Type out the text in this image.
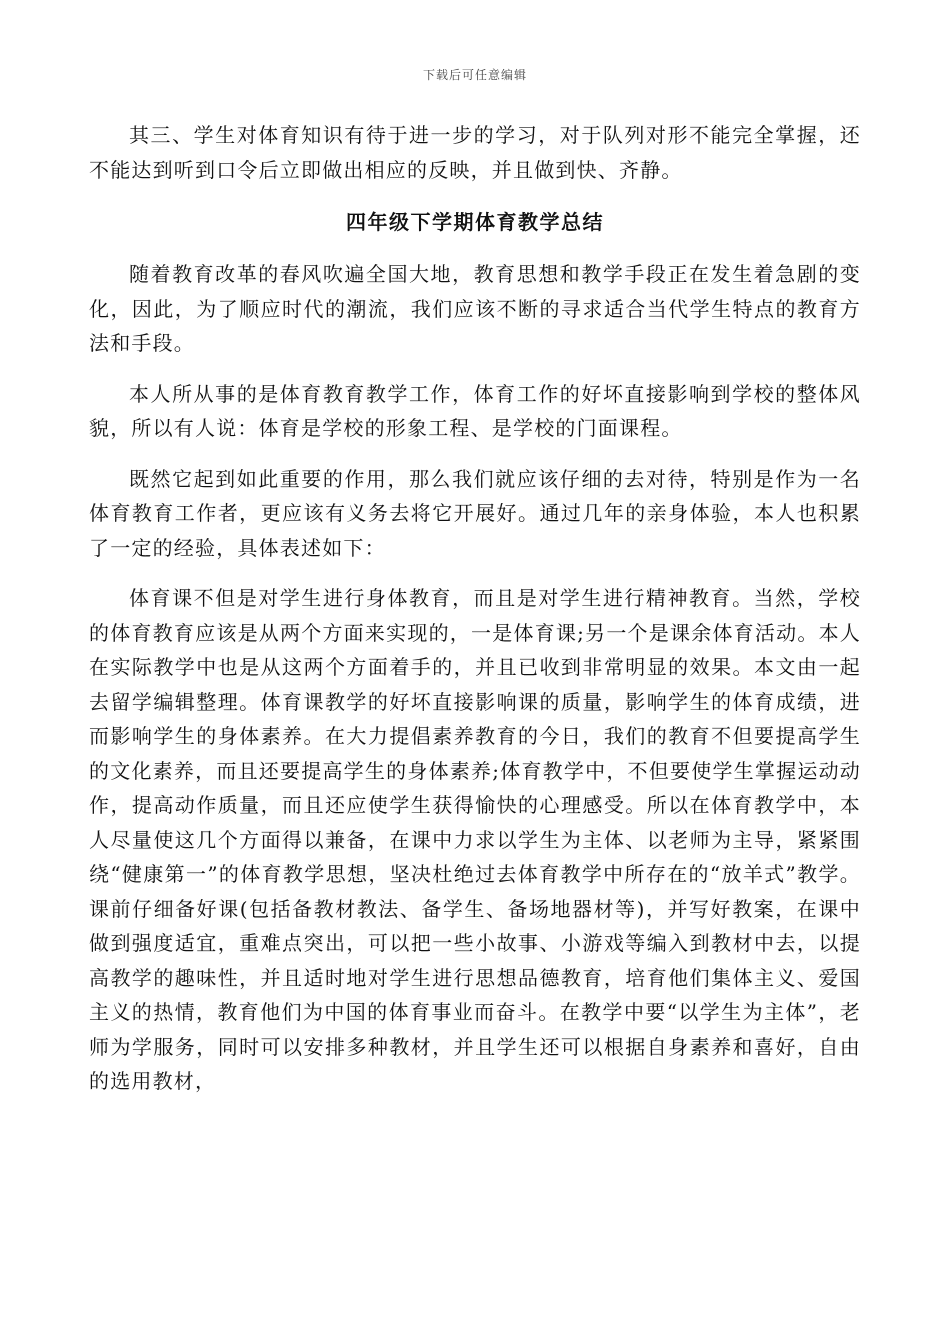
下载后可任意编辑

其三、学生对体育知识有待于进一步的学习，对于队列对形不能完全掌握，还不能达到听到口令后立即做出相应的反映，并且做到快、齐静。

四年级下学期体育教学总结

随着教育改革的春风吹遍全国大地，教育思想和教学手段正在发生着急剧的变化，因此，为了顺应时代的潮流，我们应该不断的寻求适合当代学生特点的教育方法和手段。

本人所从事的是体育教育教学工作，体育工作的好坏直接影响到学校的整体风貌，所以有人说：体育是学校的形象工程、是学校的门面课程。

既然它起到如此重要的作用，那么我们就应该仔细的去对待，特别是作为一名体育教育工作者，更应该有义务去将它开展好。通过几年的亲身体验，本人也积累了一定的经验，具体表述如下：

体育课不但是对学生进行身体教育，而且是对学生进行精神教育。当然，学校的体育教育应该是从两个方面来实现的，一是体育课;另一个是课余体育活动。本人在实际教学中也是从这两个方面着手的，并且已收到非常明显的效果。本文由一起去留学编辑整理。体育课教学的好坏直接影响课的质量，影响学生的体育成绩，进而影响学生的身体素养。在大力提倡素养教育的今日，我们的教育不但要提高学生的文化素养，而且还要提高学生的身体素养;体育教学中，不但要使学生掌握运动动作，提高动作质量，而且还应使学生获得愉快的心理感受。所以在体育教学中，本人尽量使这几个方面得以兼备，在课中力求以学生为主体、以老师为主导，紧紧围绕“健康第一”的体育教学思想，坚决杜绝过去体育教学中所存在的“放羊式”教学。课前仔细备好课(包括备教材教法、备学生、备场地器材等)，并写好教案，在课中做到强度适宜，重难点突出，可以把一些小故事、小游戏等编入到教材中去，以提高教学的趣味性，并且适时地对学生进行思想品德教育，培育他们集体主义、爱国主义的热情，教育他们为中国的体育事业而奋斗。在教学中要“以学生为主体”，老师为学服务，同时可以安排多种教材，并且学生还可以根据自身素养和喜好，自由的选用教材，
